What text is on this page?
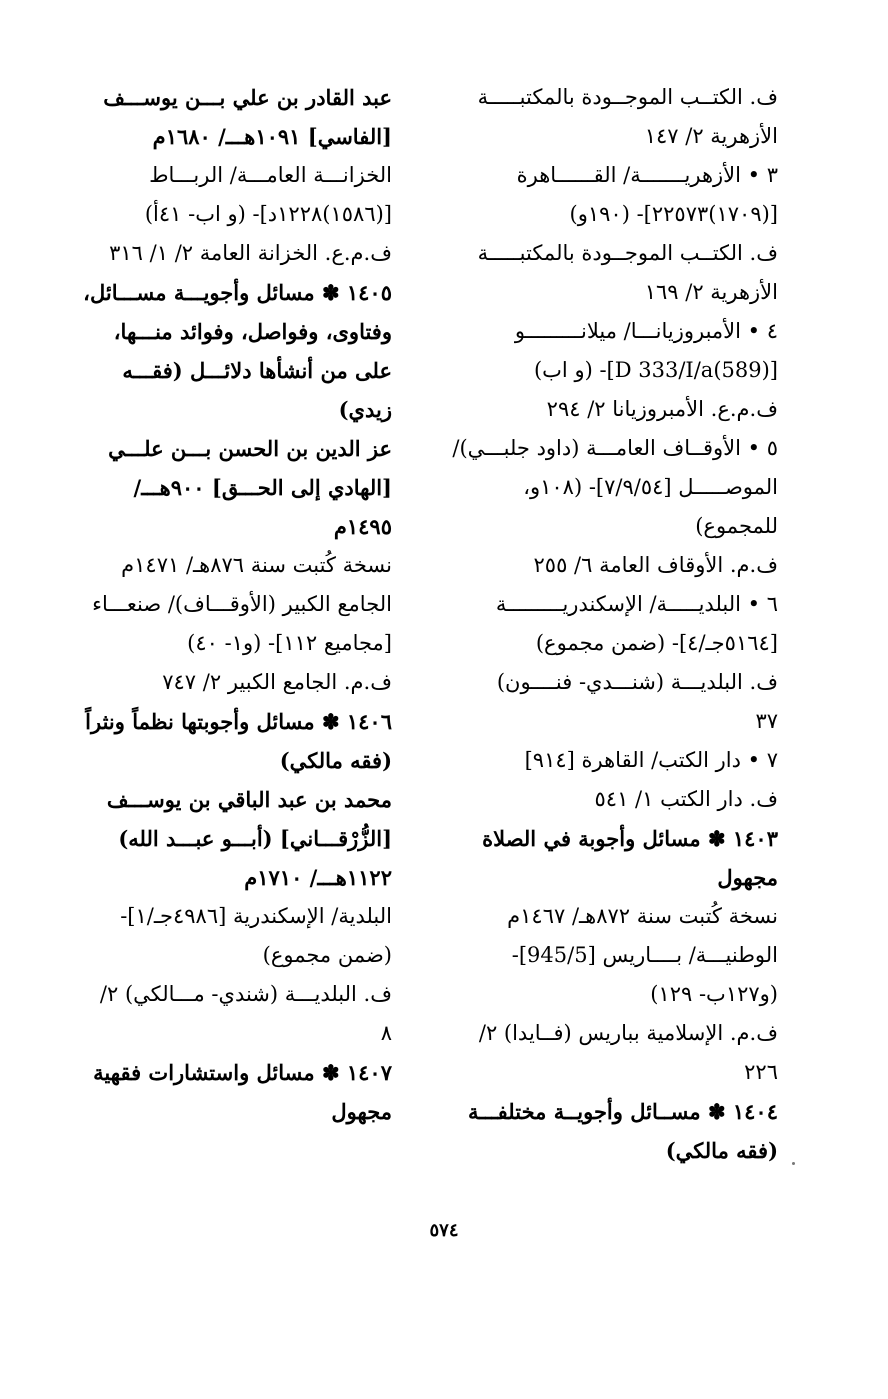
ف. الكتــب الموجــودة بالمكتبـــــة
الأزهرية ٢/ ١٤٧
٣ • الأزهريـــــــة/ القــــــاهرة
[(١٧٠٩)٢٢٥٧٣]- (١٩٠و)
ف. الكتــب الموجــودة بالمكتبـــــة
الأزهرية ٢/ ١٦٩
٤ • الأمبروزيانـــا/ ميلانـــــــــو
[(589)D 333/I/a]- (و اب)
ف.م.ع. الأمبروزيانا ٢/ ٢٩٤
٥ • الأوقــاف العامـــة (داود جلبـــي)/
الموصـــــل [٧/٩/٥٤]- (١٠٨و،
للمجموع)
ف.م. الأوقاف العامة ٦/ ٢٥٥
٦ • البلديـــــة/ الإسكندريـــــــــة
[٥١٦٤جـ/٤]- (ضمن مجموع)
ف. البلديـــة (شنـــدي- فنــــون)
٣٧
٧ • دار الكتب/ القاهرة [٩١٤]
ف. دار الكتب ١/ ٥٤١
١٤٠٣ ✽ مسائل وأجوبة في الصلاة
مجهول
نسخة كُتبت سنة ٨٧٢هـ/ ١٤٦٧م
الوطنيـــة/ بــــاريس [945/5]-
(و١٢٧ب- ١٢٩)
ف.م. الإسلامية بباريس (فــايدا) ٢/
٢٢٦
١٤٠٤ ✽ مســائل وأجويــة مختلفـــة
(فقه مالكي)
عبد القادر بن علي بـــن يوســـف
[الفاسي] ١٠٩١هـــ/ ١٦٨٠م
الخزانـــة العامـــة/ الربـــاط
[(١٥٨٦)١٢٢٨د]- (و اب- ٤١أ)
ف.م.ع. الخزانة العامة ٢/ ١/ ٣١٦
١٤٠٥ ✽ مسائل وأجويـــة مســـائل،
وفتاوى، وفواصل، وفوائد منـــها،
على من أنشأها دلائـــل (فقـــه
زيدي)
عز الدين بن الحسن بـــن علـــي
[الهادي إلى الحـــق] ٩٠٠هـــ/
١٤٩٥م
نسخة كُتبت سنة ٨٧٦هـ/ ١٤٧١م
الجامع الكبير (الأوقـــاف)/ صنعـــاء
[مجاميع ١١٢]- (و١- ٤٠)
ف.م. الجامع الكبير ٢/ ٧٤٧
١٤٠٦ ✽ مسائل وأجوبتها نظماً ونثراً
(فقه مالكي)
محمد بن عبد الباقي بن يوســـف
[الزُّرْقـــاني] (أبـــو عبـــد الله)
١١٢٢هـــ/ ١٧١٠م
البلدية/ الإسكندرية [٤٩٨٦جـ/١]-
(ضمن مجموع)
ف. البلديـــة (شندي- مـــالكي) ٢/
٨
١٤٠٧ ✽ مسائل واستشارات فقهية
مجهول
٥٧٤
